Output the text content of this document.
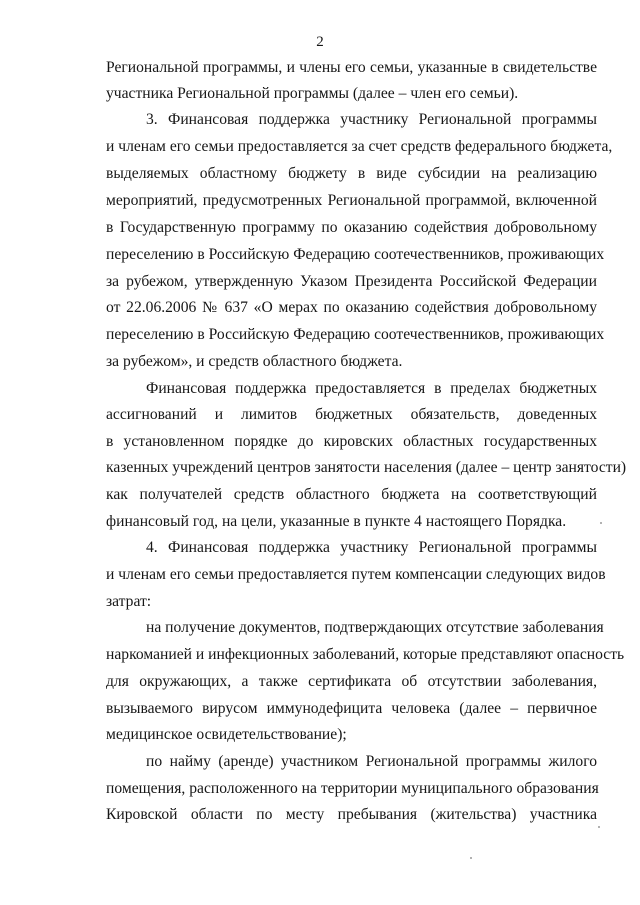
2
Региональной программы, и члены его семьи, указанные в свидетельстве
участника Региональной программы (далее – член его семьи).
3. Финансовая поддержка участнику Региональной программы
и членам его семьи предоставляется за счет средств федерального бюджета,
выделяемых областному бюджету в виде субсидии на реализацию
мероприятий, предусмотренных Региональной программой, включенной
в Государственную программу по оказанию содействия добровольному
переселению в Российскую Федерацию соотечественников, проживающих
за рубежом, утвержденную Указом Президента Российской Федерации
от 22.06.2006 № 637 «О мерах по оказанию содействия добровольному
переселению в Российскую Федерацию соотечественников, проживающих
за рубежом», и средств областного бюджета.
Финансовая поддержка предоставляется в пределах бюджетных
ассигнований и лимитов бюджетных обязательств, доведенных
в установленном порядке до кировских областных государственных
казенных учреждений центров занятости населения (далее – центр занятости)
как получателей средств областного бюджета на соответствующий
финансовый год, на цели, указанные в пункте 4 настоящего Порядка.
4. Финансовая поддержка участнику Региональной программы
и членам его семьи предоставляется путем компенсации следующих видов
затрат:
на получение документов, подтверждающих отсутствие заболевания
наркоманией и инфекционных заболеваний, которые представляют опасность
для окружающих, а также сертификата об отсутствии заболевания,
вызываемого вирусом иммунодефицита человека (далее – первичное
медицинское освидетельствование);
по найму (аренде) участником Региональной программы жилого
помещения, расположенного на территории муниципального образования
Кировской области по месту пребывания (жительства) участника
